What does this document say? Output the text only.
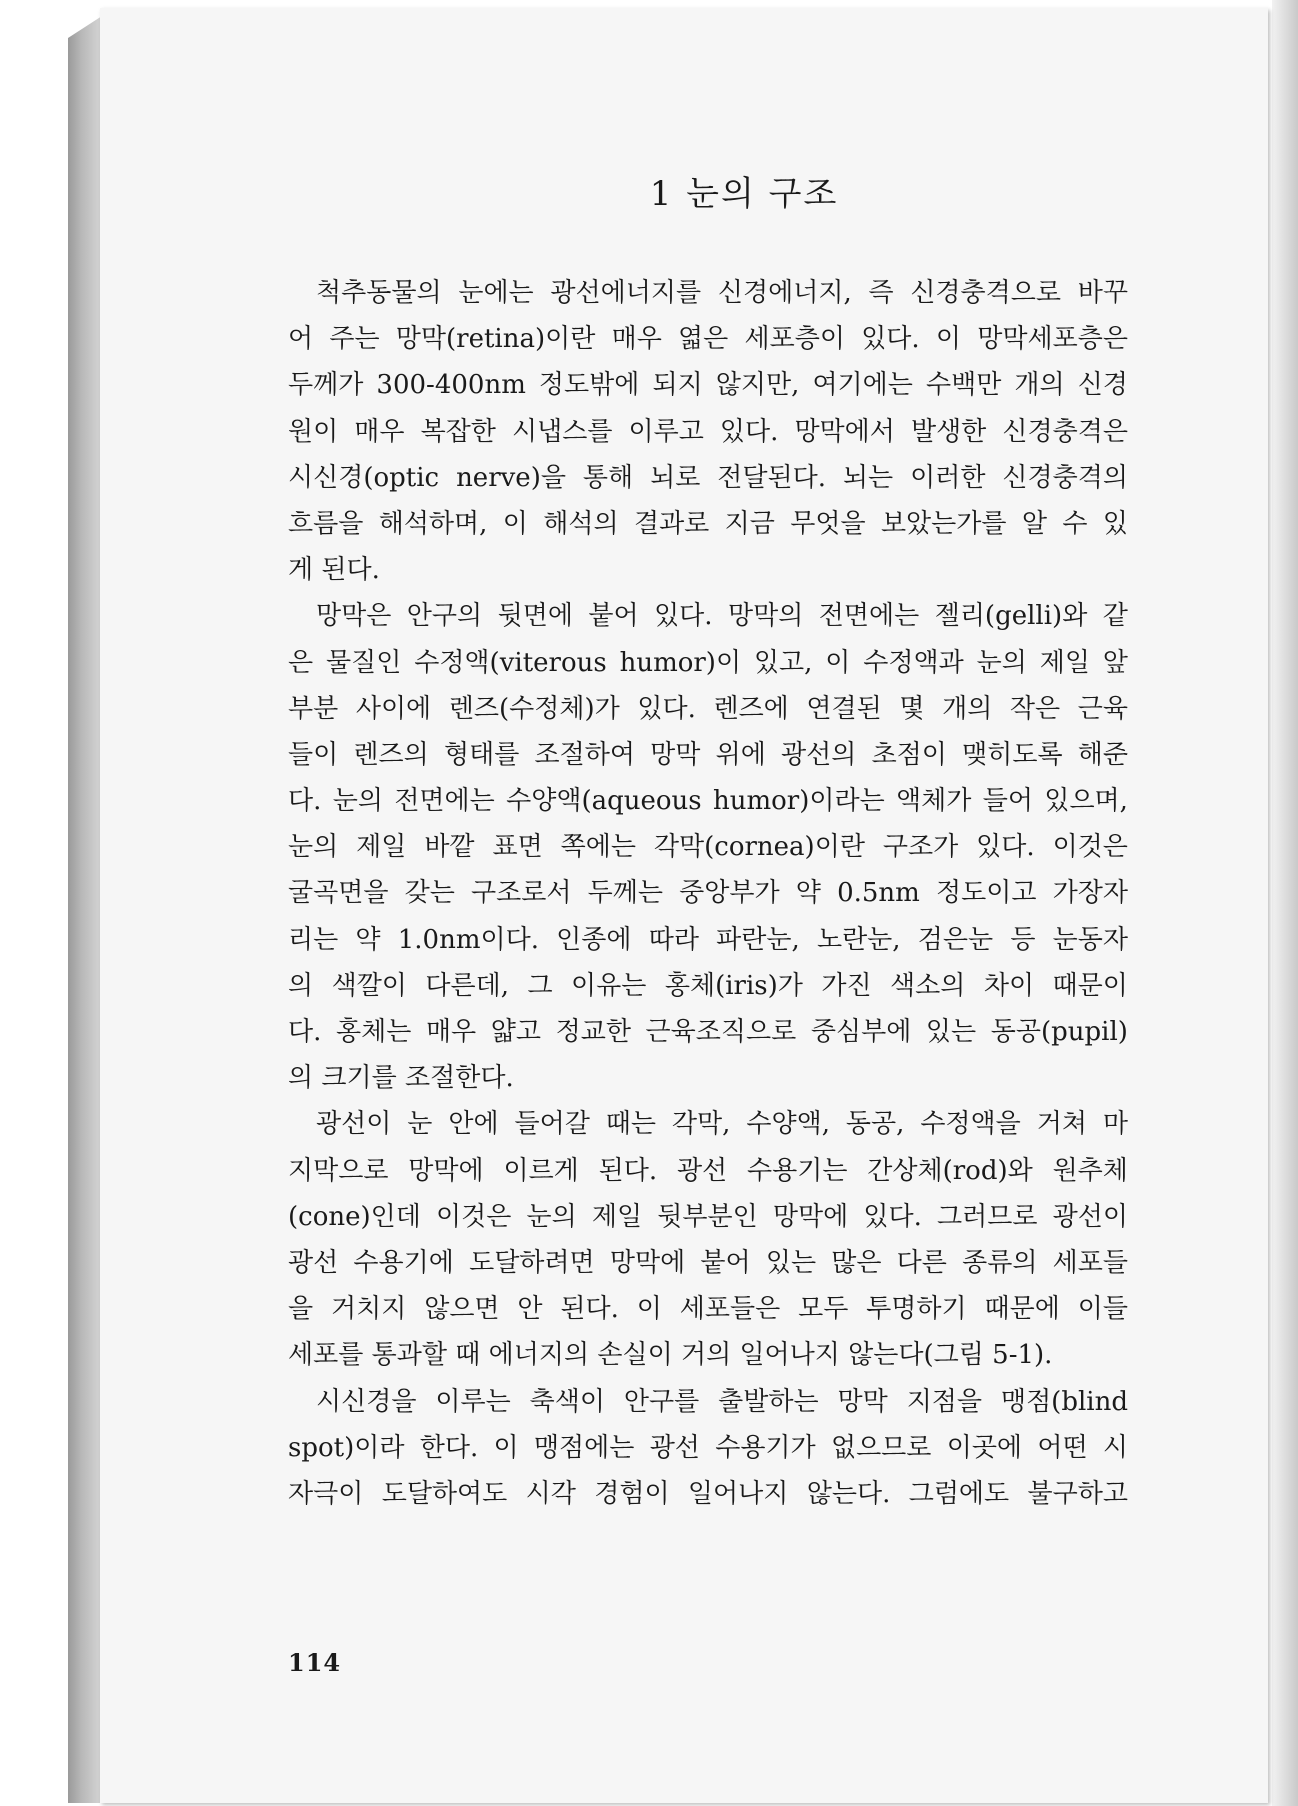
1 눈의 구조
척추동물의 눈에는 광선에너지를 신경에너지, 즉 신경충격으로 바꾸
어 주는 망막(retina)이란 매우 엷은 세포층이 있다. 이 망막세포층은
두께가 300-400nm 정도밖에 되지 않지만, 여기에는 수백만 개의 신경
원이 매우 복잡한 시냅스를 이루고 있다. 망막에서 발생한 신경충격은
시신경(optic nerve)을 통해 뇌로 전달된다. 뇌는 이러한 신경충격의
흐름을 해석하며, 이 해석의 결과로 지금 무엇을 보았는가를 알 수 있
게 된다.
망막은 안구의 뒷면에 붙어 있다. 망막의 전면에는 젤리(gelli)와 같
은 물질인 수정액(viterous humor)이 있고, 이 수정액과 눈의 제일 앞
부분 사이에 렌즈(수정체)가 있다. 렌즈에 연결된 몇 개의 작은 근육
들이 렌즈의 형태를 조절하여 망막 위에 광선의 초점이 맺히도록 해준
다. 눈의 전면에는 수양액(aqueous humor)이라는 액체가 들어 있으며,
눈의 제일 바깥 표면 쪽에는 각막(cornea)이란 구조가 있다. 이것은
굴곡면을 갖는 구조로서 두께는 중앙부가 약 0.5nm 정도이고 가장자
리는 약 1.0nm이다. 인종에 따라 파란눈, 노란눈, 검은눈 등 눈동자
의 색깔이 다른데, 그 이유는 홍체(iris)가 가진 색소의 차이 때문이
다. 홍체는 매우 얇고 정교한 근육조직으로 중심부에 있는 동공(pupil)
의 크기를 조절한다.
광선이 눈 안에 들어갈 때는 각막, 수양액, 동공, 수정액을 거쳐 마
지막으로 망막에 이르게 된다. 광선 수용기는 간상체(rod)와 원추체
(cone)인데 이것은 눈의 제일 뒷부분인 망막에 있다. 그러므로 광선이
광선 수용기에 도달하려면 망막에 붙어 있는 많은 다른 종류의 세포들
을 거치지 않으면 안 된다. 이 세포들은 모두 투명하기 때문에 이들
세포를 통과할 때 에너지의 손실이 거의 일어나지 않는다(그림 5-1).
시신경을 이루는 축색이 안구를 출발하는 망막 지점을 맹점(blind
spot)이라 한다. 이 맹점에는 광선 수용기가 없으므로 이곳에 어떤 시
자극이 도달하여도 시각 경험이 일어나지 않는다. 그럼에도 불구하고
114
